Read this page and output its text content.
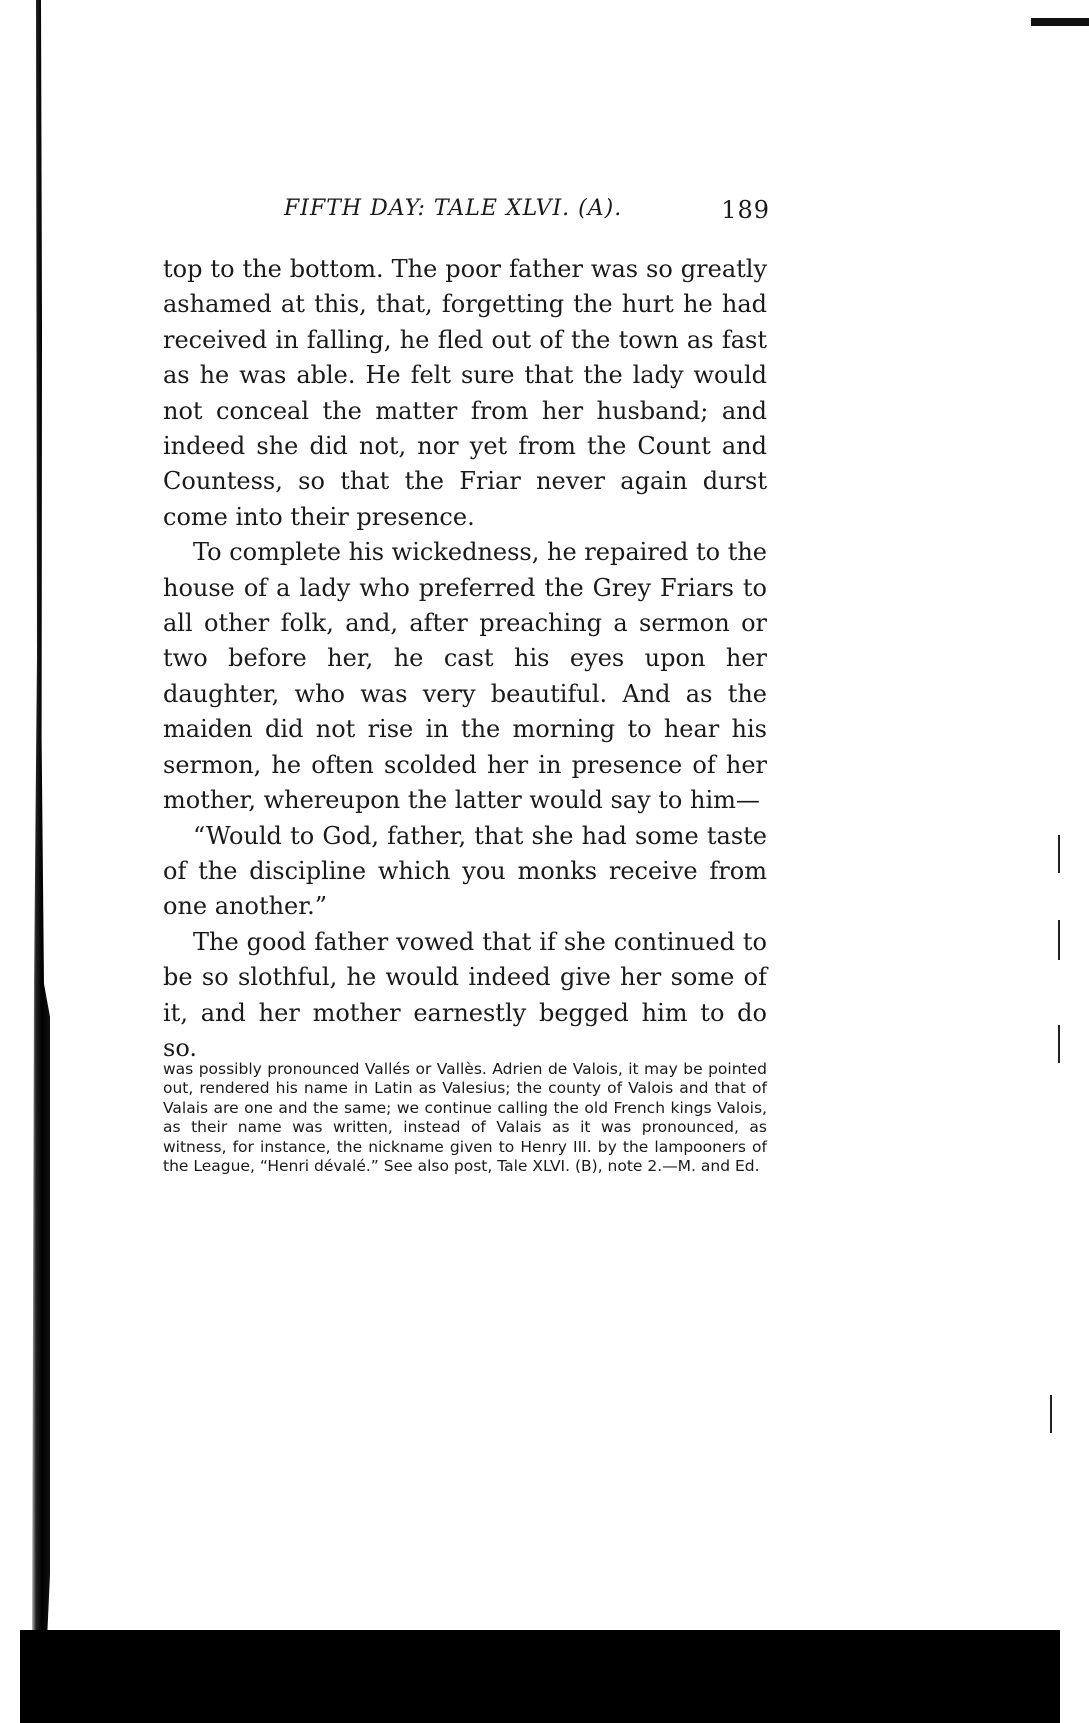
FIFTH DAY: TALE XLVI. (A).	189

top to the bottom. The poor father was so greatly ashamed at this, that, forgetting the hurt he had received in falling, he fled out of the town as fast as he was able. He felt sure that the lady would not conceal the matter from her husband; and indeed she did not, nor yet from the Count and Countess, so that the Friar never again durst come into their presence.

To complete his wickedness, he repaired to the house of a lady who preferred the Grey Friars to all other folk, and, after preaching a sermon or two before her, he cast his eyes upon her daughter, who was very beautiful. And as the maiden did not rise in the morning to hear his sermon, he often scolded her in presence of her mother, whereupon the latter would say to him—

“Would to God, father, that she had some taste of the discipline which you monks receive from one another.”

The good father vowed that if she continued to be so slothful, he would indeed give her some of it, and her mother earnestly begged him to do so.

was possibly pronounced Vallés or Vallès. Adrien de Valois, it may be pointed out, rendered his name in Latin as Valesius; the county of Valois and that of Valais are one and the same; we continue calling the old French kings Valois, as their name was written, instead of Valais as it was pronounced, as witness, for instance, the nickname given to Henry III. by the lampooners of the League, “Henri dévalé.” See also post, Tale XLVI. (B), note 2.—M. and Ed.
